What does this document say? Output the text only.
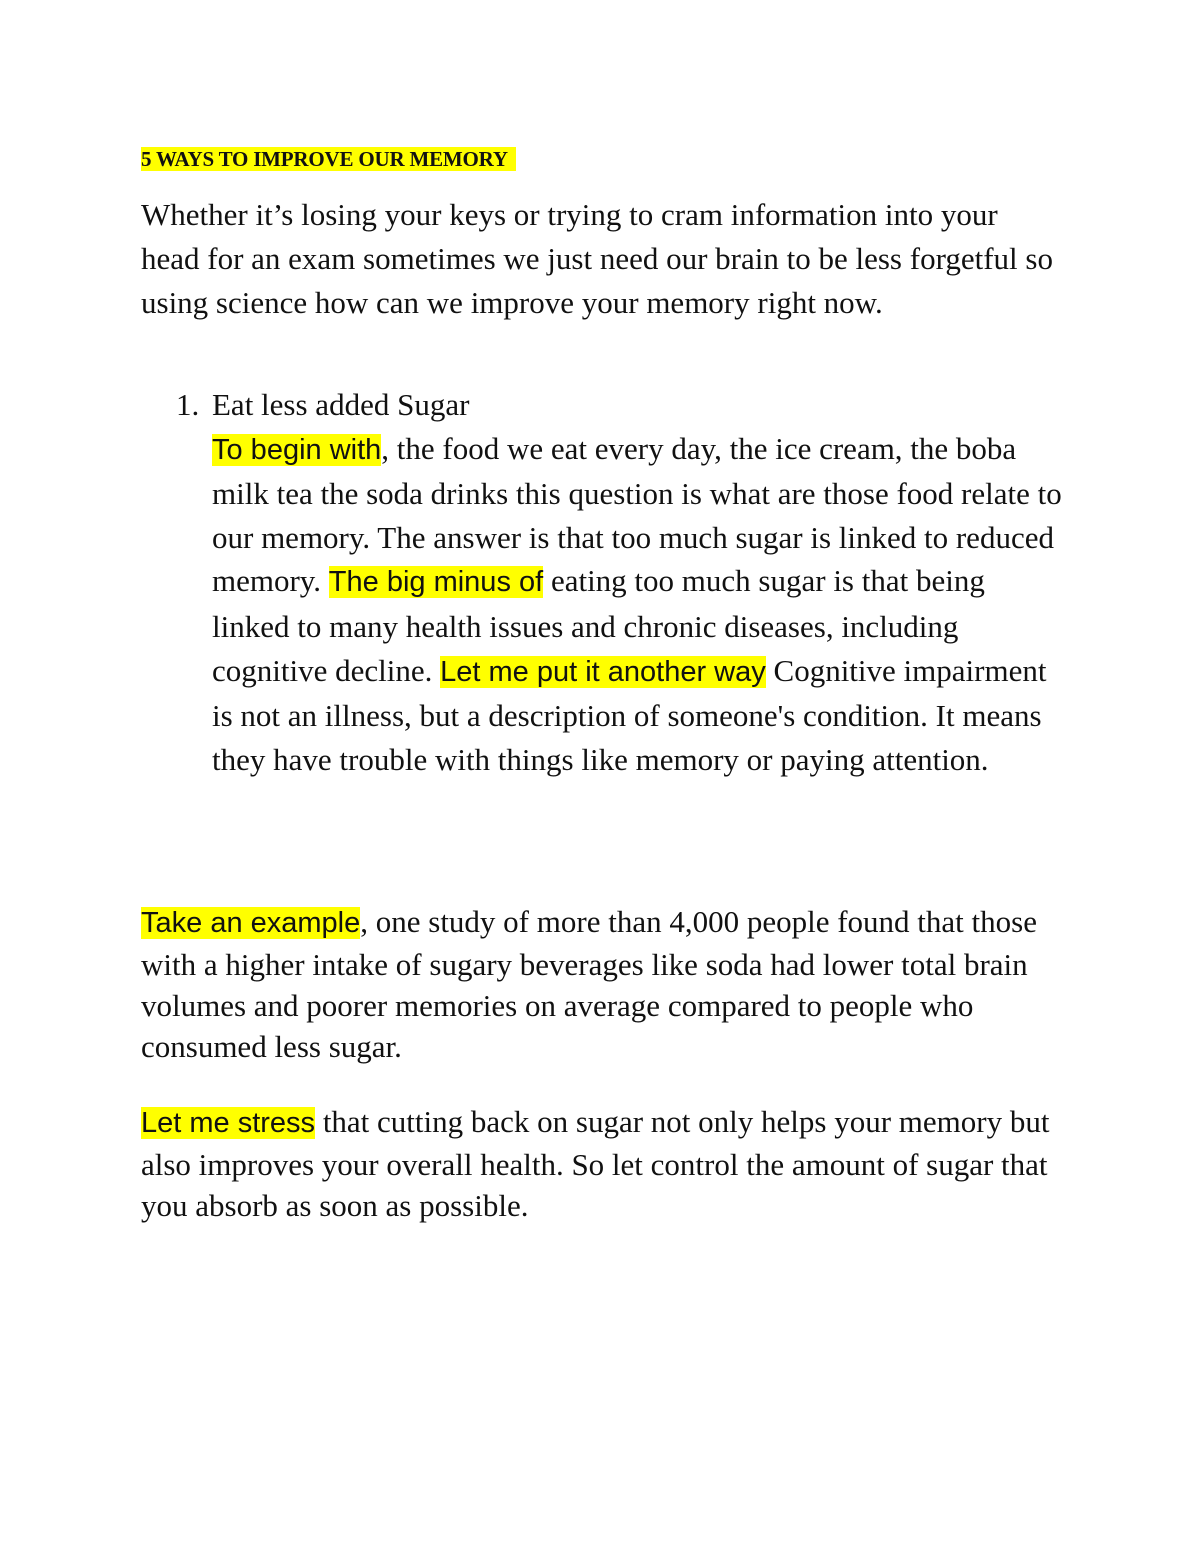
5 WAYS TO IMPROVE OUR MEMORY

Whether it’s losing your keys or trying to cram information into your head for an exam sometimes we just need our brain to be less forgetful so using science how can we improve your memory right now.

1. Eat less added Sugar

To begin with, the food we eat every day, the ice cream, the boba milk tea the soda drinks this question is what are those food relate to our memory. The answer is that too much sugar is linked to reduced memory. The big minus of eating too much sugar is that being linked to many health issues and chronic diseases, including cognitive decline. Let me put it another way Cognitive impairment is not an illness, but a description of someone's condition. It means they have trouble with things like memory or paying attention.

Take an example, one study of more than 4,000 people found that those with a higher intake of sugary beverages like soda had lower total brain volumes and poorer memories on average compared to people who consumed less sugar.

Let me stress that cutting back on sugar not only helps your memory but also improves your overall health. So let control the amount of sugar that you absorb as soon as possible.
